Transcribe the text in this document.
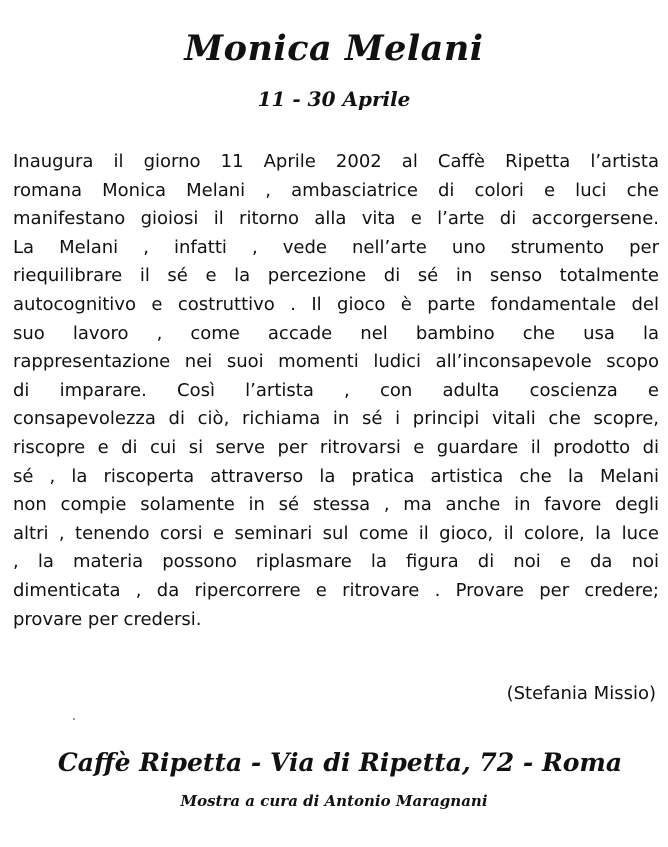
Monica Melani
11 - 30 Aprile
Inaugura il giorno 11 Aprile 2002 al Caffè Ripetta l’artista
romana Monica Melani , ambasciatrice di colori e luci che
manifestano gioiosi il ritorno alla vita e l’arte di accorgersene.
La Melani , infatti , vede nell’arte uno strumento per
riequilibrare il sé e la percezione di sé in senso totalmente
autocognitivo e costruttivo . Il gioco è parte fondamentale del
suo lavoro , come accade nel bambino che usa la
rappresentazione nei suoi momenti ludici all’inconsapevole scopo
di imparare. Così l’artista , con adulta coscienza e
consapevolezza di ciò, richiama in sé i principi vitali che scopre,
riscopre e di cui si serve per ritrovarsi e guardare il prodotto di
sé , la riscoperta attraverso la pratica artistica che la Melani
non compie solamente in sé stessa , ma anche in favore degli
altri , tenendo corsi e seminari sul come il gioco, il colore, la luce
, la materia possono riplasmare la figura di noi e da noi
dimenticata , da ripercorrere e ritrovare . Provare per credere;
provare per credersi.
(Stefania Missio)
Caffè Ripetta - Via di Ripetta, 72 - Roma
Mostra a cura di Antonio Maragnani
